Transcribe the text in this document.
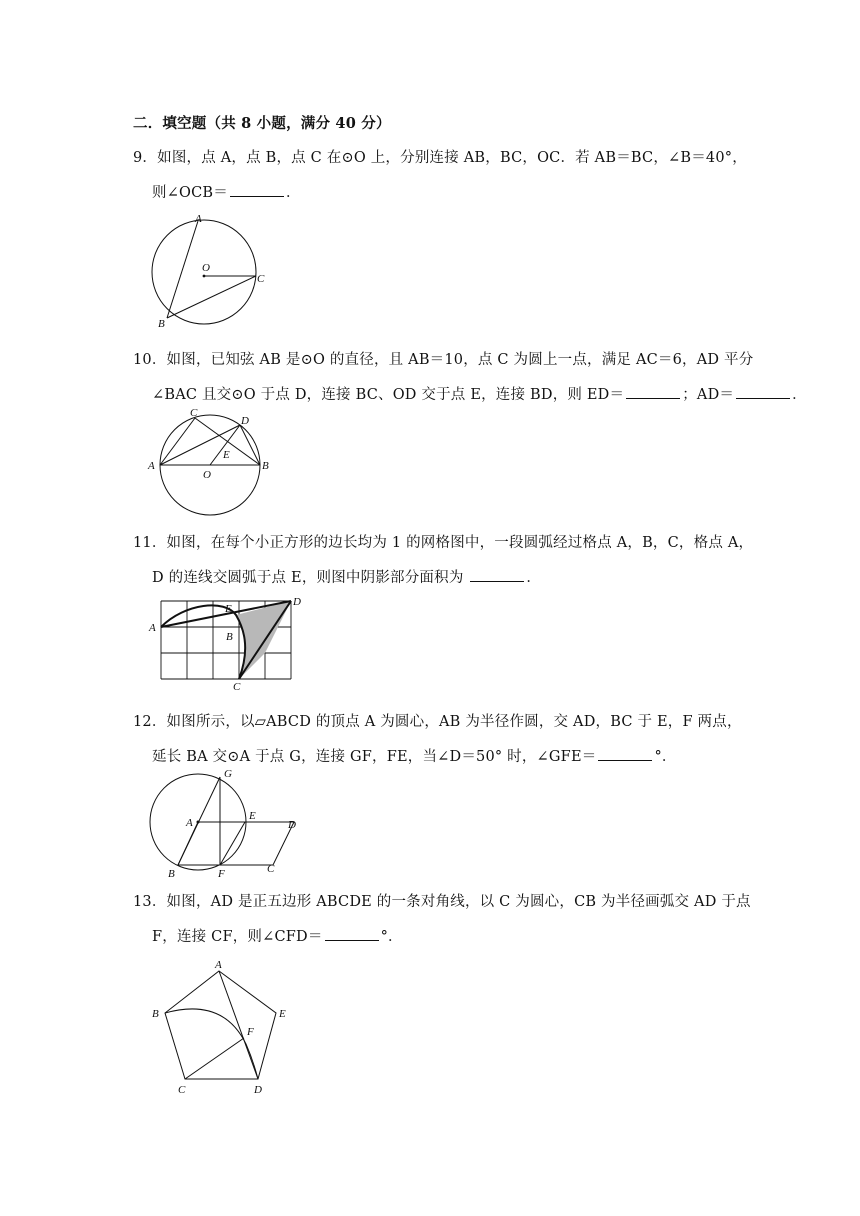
二．填空题（共 8 小题，满分 40 分）
9．如图，点 A，点 B，点 C 在⊙O 上，分别连接 AB，BC，OC．若 AB＝BC，∠B＝40°，
则∠OCB＝	．
A
O
C
B
10．如图，已知弦 AB 是⊙O 的直径，且 AB＝10，点 C 为圆上一点，满足 AC＝6，AD 平分
∠BAC 且交⊙O 于点 D，连接 BC、OD 交于点 E，连接 BD，则 ED＝	；AD＝	．
C
D
E
A	B
O
11．如图，在每个小正方形的边长均为 1 的网格图中，一段圆弧经过格点 A，B，C，格点 A，
D 的连线交圆弧于点 E，则图中阴影部分面积为	．
A
E
D
B
C
12．如图所示，以▱ABCD 的顶点 A 为圆心，AB 为半径作圆，交 AD，BC 于 E，F 两点，
延长 BA 交⊙A 于点 G，连接 GF，FE，当∠D＝50° 时，∠GFE＝	°．
G
A
E
D
C
B	F
13．如图，AD 是正五边形 ABCDE 的一条对角线，以 C 为圆心，CB 为半径画弧交 AD 于点
F，连接 CF，则∠CFD＝	°．
A
B	E
F
C	D
